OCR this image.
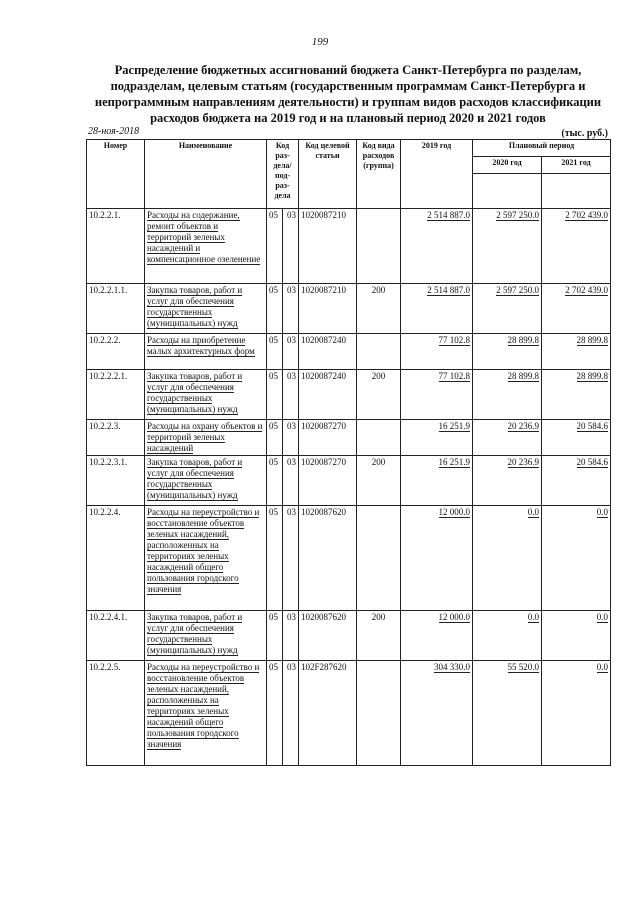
199
Распределение бюджетных ассигнований бюджета Санкт-Петербурга по разделам, подразделам, целевым статьям (государственным программам Санкт-Петербурга и непрограммным направлениям деятельности) и группам видов расходов классификации расходов бюджета на 2019 год и на плановый период 2020 и 2021 годов
28-ноя-2018	(тыс. руб.)
Номер	Наименование	Код раз-дела/под-раз-дела		Код целевой статьи	Код вида расходов (группа)	2019 год	Плановый период	
							2020 год	2021 год

10.2.2.1.	Расходы на содержание, ремонт объектов и территорий зеленых насаждений и компенсационное озеленение	05	03	1020087210		2 514 887.0	2 597 250.0	2 702 439.0
10.2.2.1.1.	Закупка товаров, работ и услуг для обеспечения государственных (муниципальных) нужд	05	03	1020087210	200	2 514 887.0	2 597 250.0	2 702 439.0
10.2.2.2.	Расходы на приобретение малых архитектурных форм	05	03	1020087240		77 102.8	28 899.8	28 899.8
10.2.2.2.1.	Закупка товаров, работ и услуг для обеспечения государственных (муниципальных) нужд	05	03	1020087240	200	77 102.8	28 899.8	28 899.8
10.2.2.3.	Расходы на охрану объектов и территорий зеленых насаждений	05	03	1020087270		16 251.9	20 236.9	20 584.6
10.2.2.3.1.	Закупка товаров, работ и услуг для обеспечения государственных (муниципальных) нужд	05	03	1020087270	200	16 251.9	20 236.9	20 584.6
10.2.2.4.	Расходы на переустройство и восстановление объектов зеленых насаждений, расположенных на территориях зеленых насаждений общего пользования городского значения	05	03	1020087620		12 000.0	0.0	0.0
10.2.2.4.1.	Закупка товаров, работ и услуг для обеспечения государственных (муниципальных) нужд	05	03	1020087620	200	12 000.0	0.0	0.0
10.2.2.5.	Расходы на переустройство и восстановление объектов зеленых насаждений, расположенных на территориях зеленых насаждений общего пользования городского значения	05	03	102F287620		304 330.0	55 520.0	0.0
